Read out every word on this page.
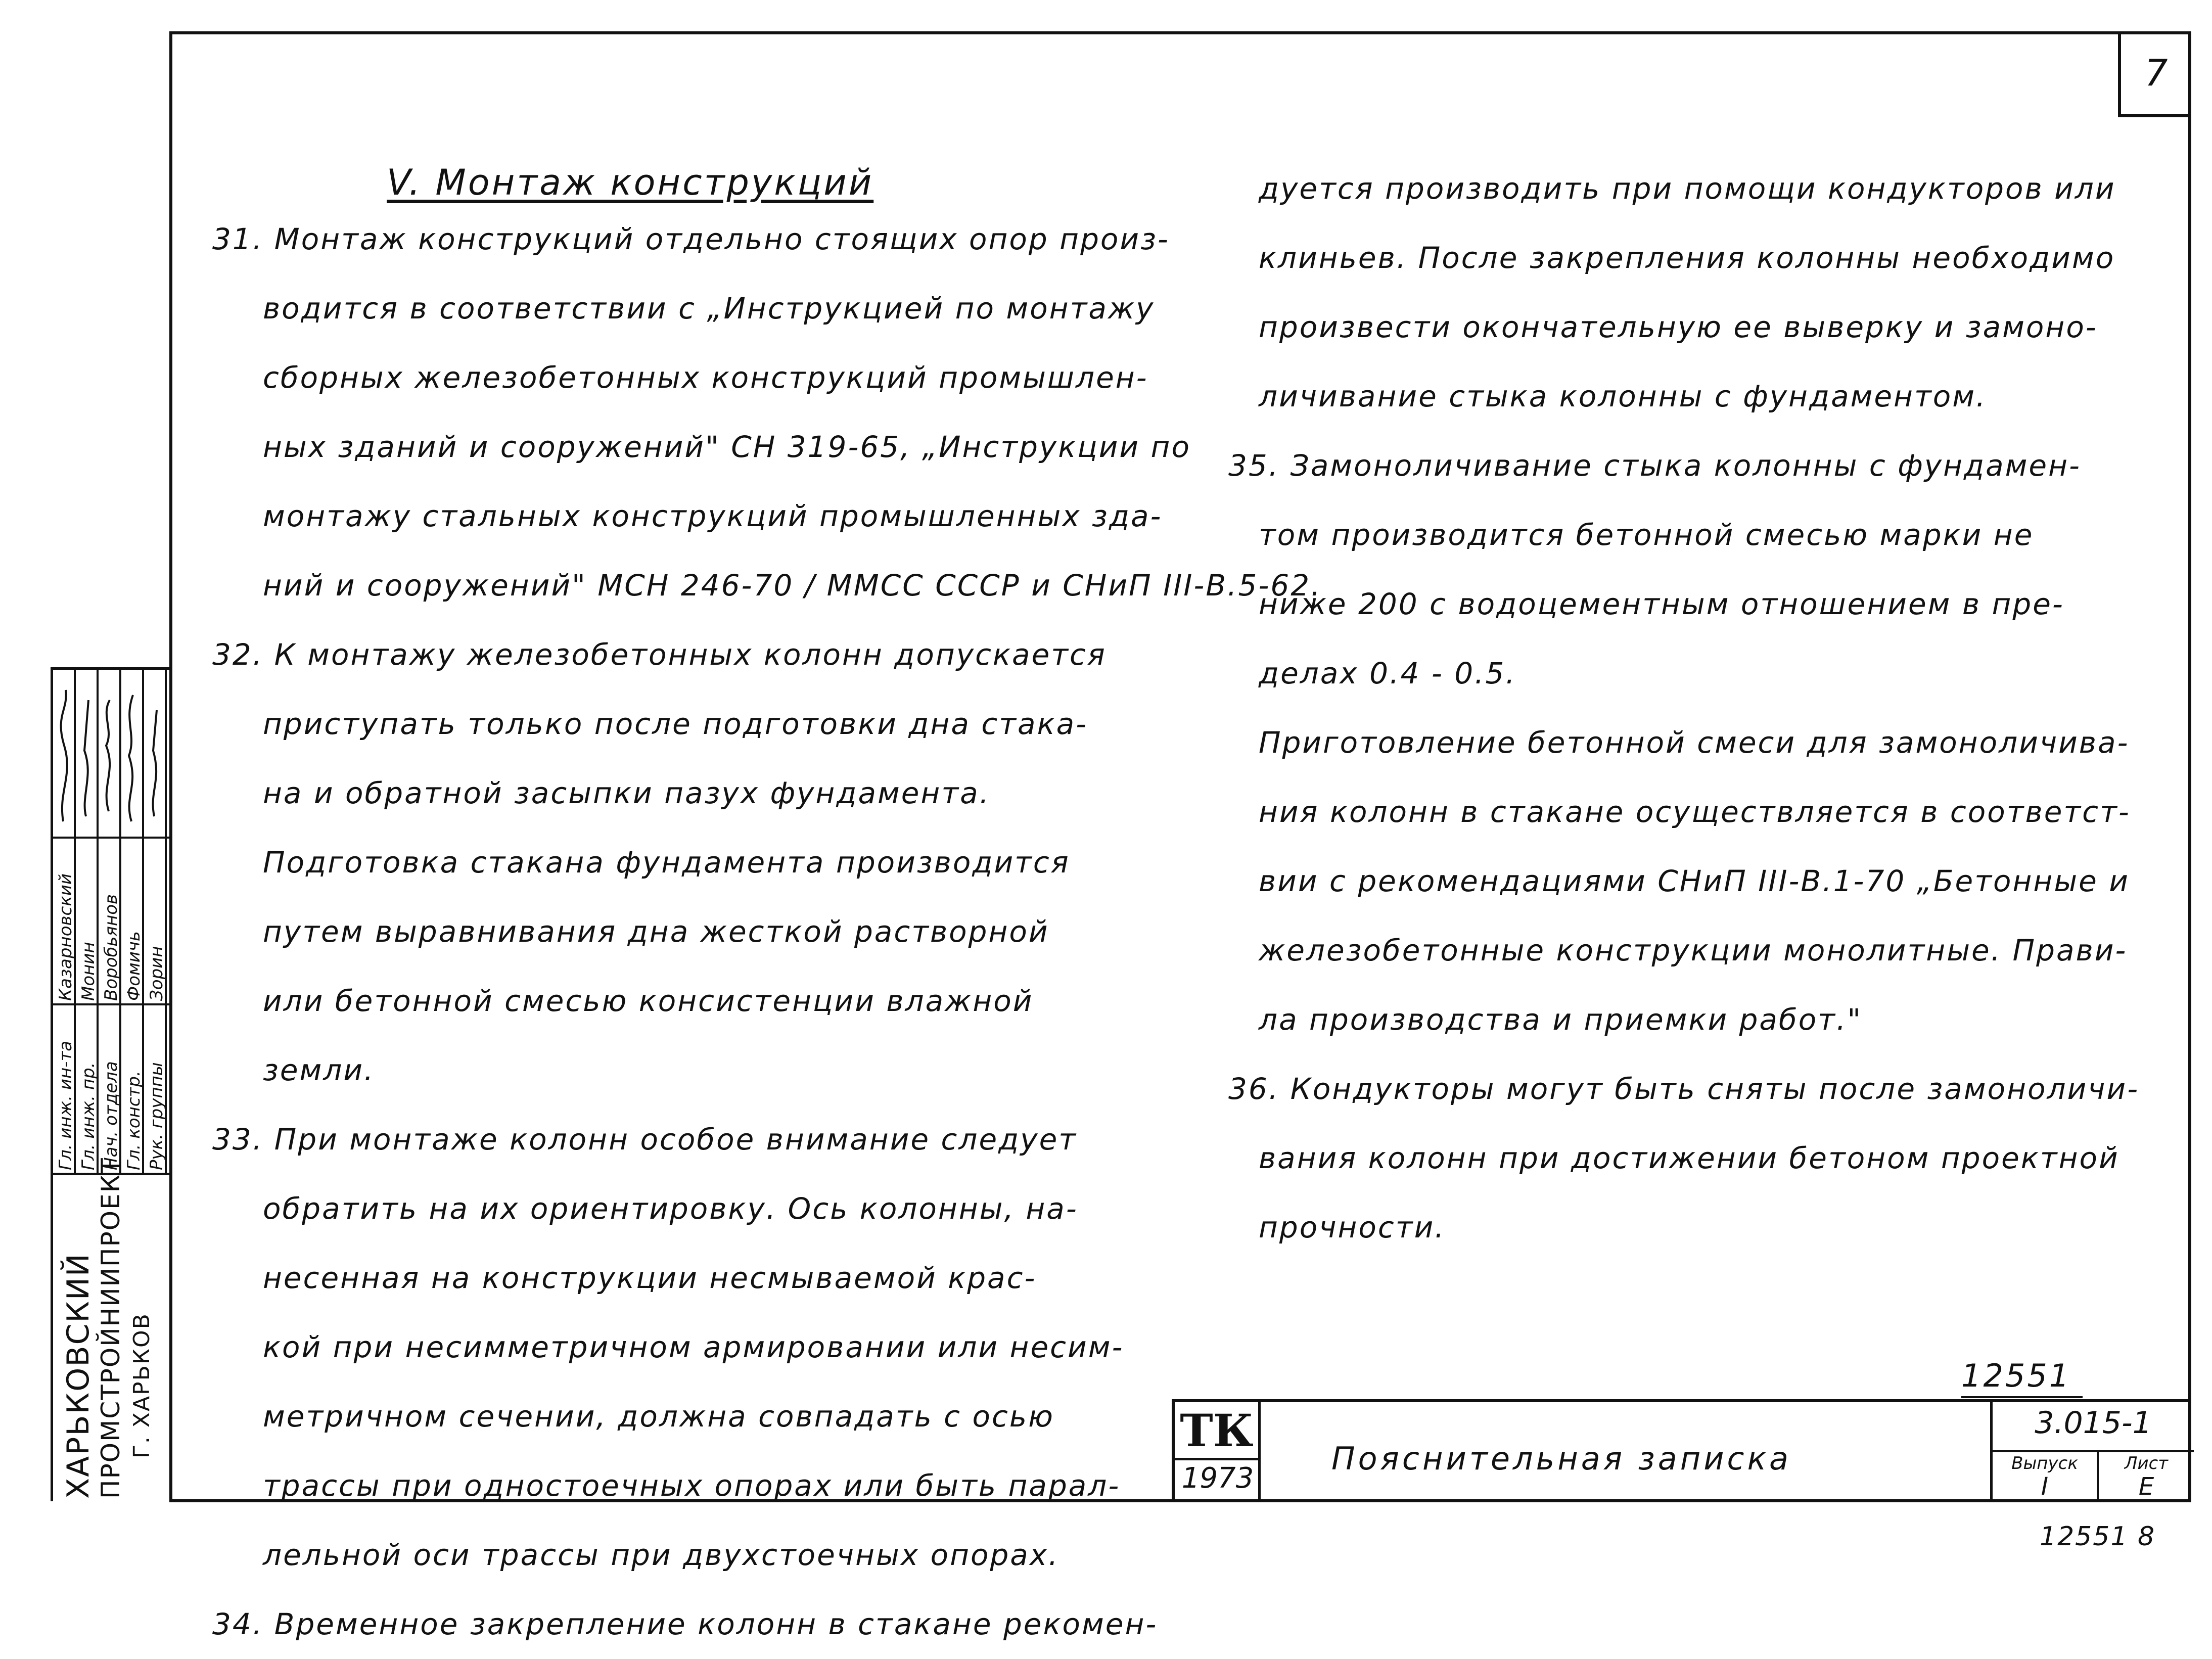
7
V. Монтаж конструкций
31. Монтаж конструкций отдельно стоящих опор произ-
водится в соответствии с „Инструкцией по монтажу
сборных железобетонных конструкций промышлен-
ных зданий и сооружений" СН 319-65, „Инструкции по
монтажу стальных конструкций промышленных зда-
ний и сооружений" МСН 246-70 / ММСС СССР и СНиП III-В.5-62.
32. К монтажу железобетонных колонн допускается
приступать только после подготовки дна стака-
на и обратной засыпки пазух фундамента.
Подготовка стакана фундамента производится
путем выравнивания дна жесткой растворной
или бетонной смесью консистенции влажной
земли.
33. При монтаже колонн особое внимание следует
обратить на их ориентировку. Ось колонны, на-
несенная на конструкции несмываемой крас-
кой при несимметричном армировании или несим-
метричном сечении, должна совпадать с осью
трассы при одностоечных опорах или быть парал-
лельной оси трассы при двухстоечных опорах.
34. Временное закрепление колонн в стакане рекомен-
дуется производить при помощи кондукторов или
клиньев. После закрепления колонны необходимо
произвести окончательную ее выверку и замоно-
личивание стыка колонны с фундаментом.
35. Замоноличивание стыка колонны с фундамен-
том производится бетонной смесью марки не
ниже 200 с водоцементным отношением в пре-
делах 0.4 - 0.5.
Приготовление бетонной смеси для замоноличива-
ния колонн в стакане осуществляется в соответст-
вии с рекомендациями СНиП III-В.1-70 „Бетонные и
железобетонные конструкции монолитные. Прави-
ла производства и приемки работ."
36. Кондукторы могут быть сняты после замоноличи-
вания колонн при достижении бетоном проектной
прочности.
12551
ТК
1973
Пояснительная записка
3.015-1
Выпуск
I
Лист
Е
12551 8
Гл. инж. ин-та Гл. инж. пр. Нач. отдела Гл. констр. Рук. группы
Казарновский Монин Воробьянов Фомичь Зорин
ХАРЬКОВСКИЙ ПРОМСТРОЙНИИПРОЕКТ Г. ХАРЬКОВ
